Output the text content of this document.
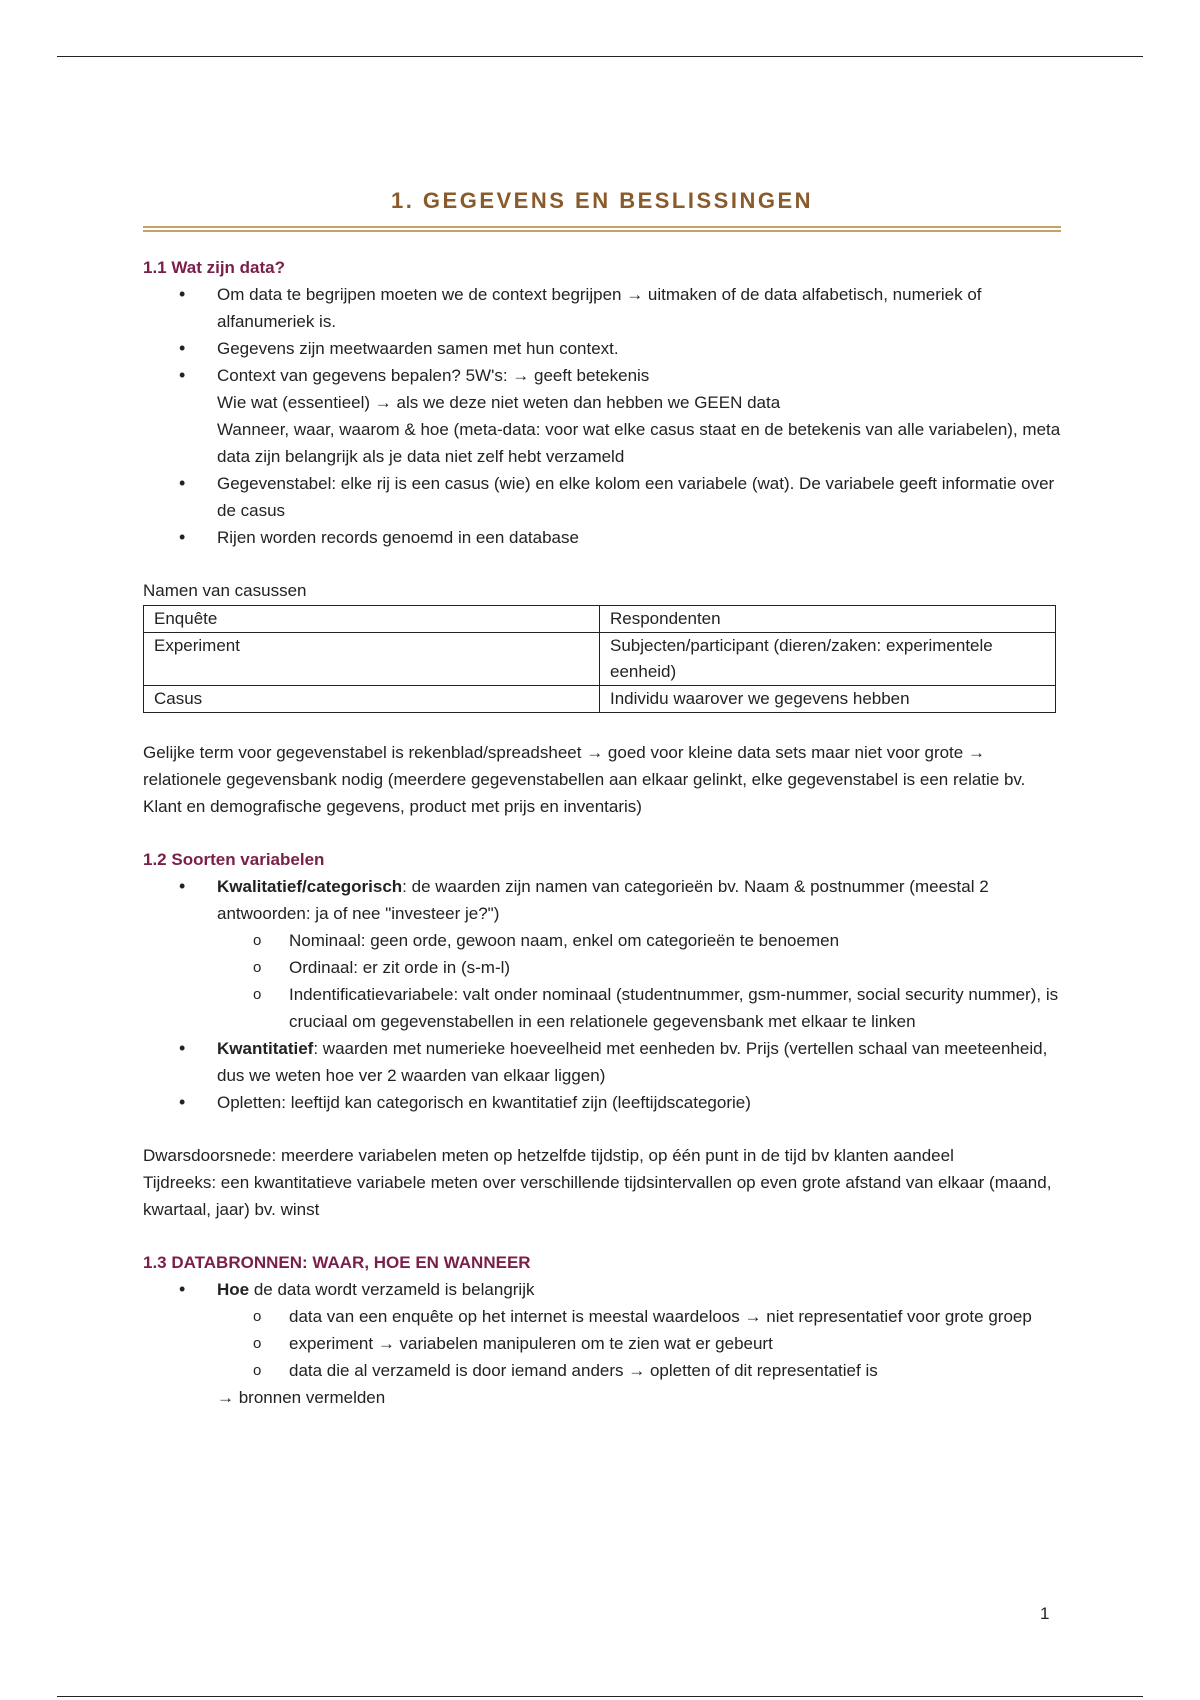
1. GEGEVENS EN BESLISSINGEN
1.1 Wat zijn data?
• Om data te begrijpen moeten we de context begrijpen → uitmaken of de data alfabetisch, numeriek of alfanumeriek is.
• Gegevens zijn meetwaarden samen met hun context.
• Context van gegevens bepalen? 5W's: → geeft betekenis
Wie wat (essentieel) → als we deze niet weten dan hebben we GEEN data
Wanneer, waar, waarom & hoe (meta-data: voor wat elke casus staat en de betekenis van alle variabelen), meta data zijn belangrijk als je data niet zelf hebt verzameld
• Gegevenstabel: elke rij is een casus (wie) en elke kolom een variabele (wat). De variabele geeft informatie over de casus
• Rijen worden records genoemd in een database

Namen van casussen

Enquête	Respondenten
Experiment	Subjecten/participant (dieren/zaken: experimentele eenheid)
Casus	Individu waarover we gegevens hebben

Gelijke term voor gegevenstabel is rekenblad/spreadsheet → goed voor kleine data sets maar niet voor grote → relationele gegevensbank nodig (meerdere gegevenstabellen aan elkaar gelinkt, elke gegevenstabel is een relatie bv. Klant en demografische gegevens, product met prijs en inventaris)

1.2 Soorten variabelen
• Kwalitatief/categorisch: de waarden zijn namen van categorieën bv. Naam & postnummer (meestal 2 antwoorden: ja of nee "investeer je?")
o Nominaal: geen orde, gewoon naam, enkel om categorieën te benoemen
o Ordinaal: er zit orde in (s-m-l)
o Indentificatievariabele: valt onder nominaal (studentnummer, gsm-nummer, social security nummer), is cruciaal om gegevenstabellen in een relationele gegevensbank met elkaar te linken
• Kwantitatief: waarden met numerieke hoeveelheid met eenheden bv. Prijs (vertellen schaal van meeteenheid, dus we weten hoe ver 2 waarden van elkaar liggen)
• Opletten: leeftijd kan categorisch en kwantitatief zijn (leeftijdscategorie)

Dwarsdoorsnede: meerdere variabelen meten op hetzelfde tijdstip, op één punt in de tijd bv klanten aandeel

Tijdreeks: een kwantitatieve variabele meten over verschillende tijdsintervallen op even grote afstand van elkaar (maand, kwartaal, jaar) bv. winst

1.3 DATABRONNEN: WAAR, HOE EN WANNEER
• Hoe de data wordt verzameld is belangrijk
o data van een enquête op het internet is meestal waardeloos → niet representatief voor grote groep
o experiment → variabelen manipuleren om te zien wat er gebeurt
o data die al verzameld is door iemand anders → opletten of dit representatief is

→ bronnen vermelden

1
